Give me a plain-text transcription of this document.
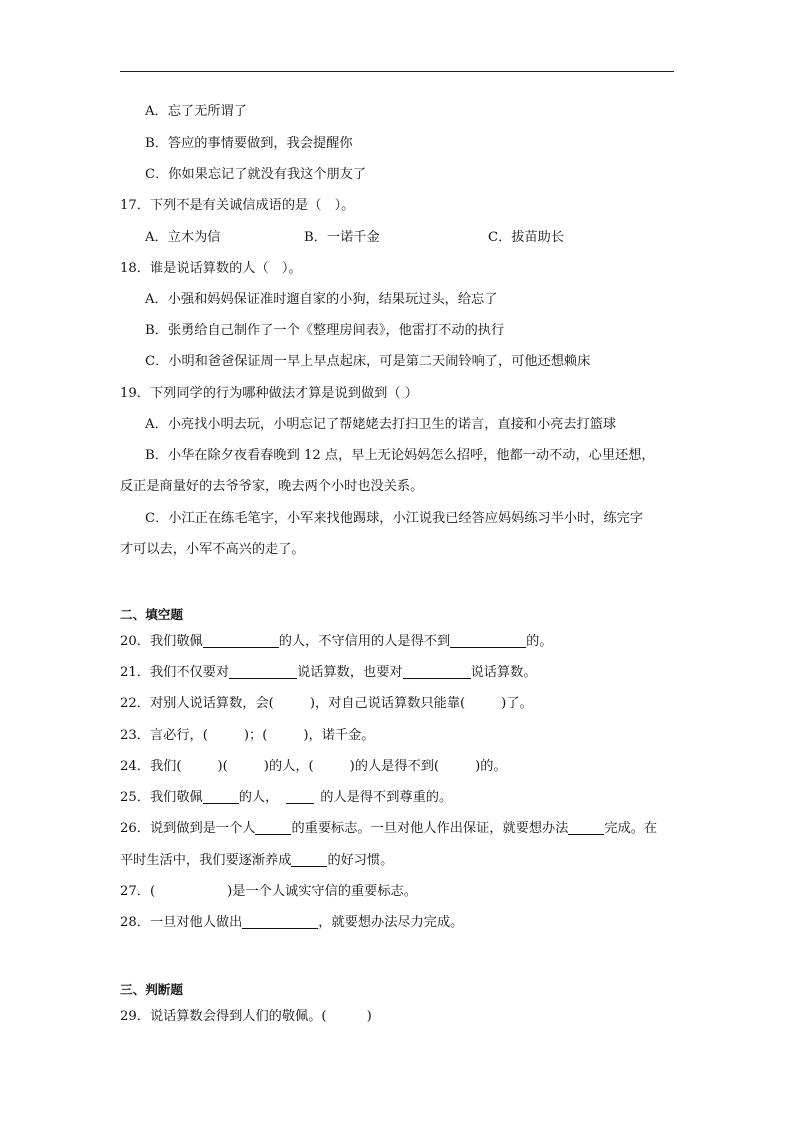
A．忘了无所谓了
B．答应的事情要做到，我会提醒你
C．你如果忘记了就没有我这个朋友了
17．下列不是有关诚信成语的是（　）。
A．立木为信	B．一诺千金	C．拔苗助长
18．谁是说话算数的人（　）。
A．小强和妈妈保证准时遛自家的小狗，结果玩过头，给忘了
B．张勇给自己制作了一个《整理房间表》，他雷打不动的执行
C．小明和爸爸保证周一早上早点起床，可是第二天闹铃响了，可他还想赖床
19．下列同学的行为哪种做法才算是说到做到（ ）
A．小亮找小明去玩，小明忘记了帮姥姥去打扫卫生的诺言，直接和小亮去打篮球
B．小华在除夕夜看春晚到 12 点，早上无论妈妈怎么招呼，他都一动不动，心里还想，
反正是商量好的去爷爷家，晚去两个小时也没关系。
C．小江正在练毛笔字，小军来找他踢球，小江说我已经答应妈妈练习半小时，练完字
才可以去，小军不高兴的走了。
二、填空题
20．我们敬佩	的人，不守信用的人是得不到	的。
21．我们不仅要对	说话算数，也要对	说话算数。
22．对别人说话算数，会(	)，对自己说话算数只能靠(	)了。
23．言必行，(	)；(	)，诺千金。
24．我们(	)(	)的人，(	)的人是得不到(	)的。
25．我们敬佩	的人，	的人是得不到尊重的。
26．说到做到是一个人	的重要标志。一旦对他人作出保证，就要想办法	完成。在
平时生活中，我们要逐渐养成	的好习惯。
27．(	)是一个人诚实守信的重要标志。
28．一旦对他人做出	，就要想办法尽力完成。
三、判断题
29．说话算数会得到人们的敬佩。(	)
